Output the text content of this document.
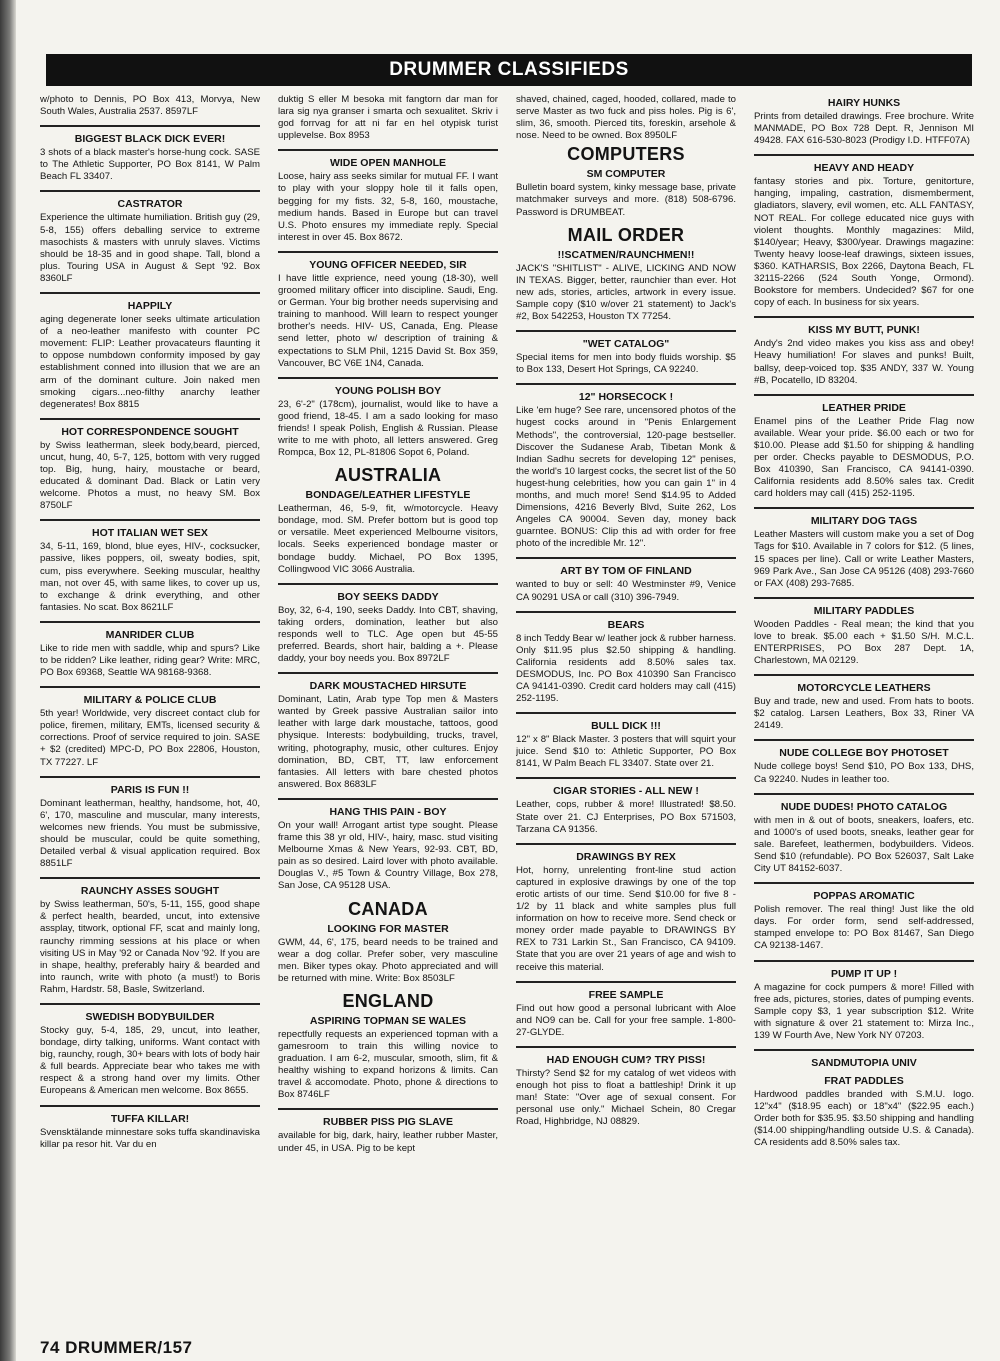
DRUMMER CLASSIFIEDS
w/photo to Dennis, PO Box 413, Morvya, New South Wales, Australia 2537. 8597LF
BIGGEST BLACK DICK EVER!
3 shots of a black master's horse-hung cock. SASE to The Athletic Supporter, PO Box 8141, W Palm Beach FL 33407.
CASTRATOR
Experience the ultimate humiliation. British guy (29, 5-8, 155) offers deballing service to extreme masochists & masters with unruly slaves. Victims should be 18-35 and in good shape. Tall, blond a plus. Touring USA in August & Sept '92. Box 8360LF
HAPPILY
aging degenerate loner seeks ultimate articulation of a neo-leather manifesto with counter PC movement: FLIP: Leather provacateurs flaunting it to oppose numbdown conformity imposed by gay establishment conned into illusion that we are an arm of the dominant culture. Join naked men smoking cigars...neo-filthy anarchy leather degenerates! Box 8815
HOT CORRESPONDENCE SOUGHT
by Swiss leatherman, sleek body,beard, pierced, uncut, hung, 40, 5-7, 125, bottom with very rugged top. Big, hung, hairy, moustache or beard, educated & dominant Dad. Black or Latin very welcome. Photos a must, no heavy SM. Box 8750LF
HOT ITALIAN WET SEX
34, 5-11, 169, blond, blue eyes, HIV-, cocksucker, passive, likes poppers, oil, sweaty bodies, spit, cum, piss everywhere. Seeking muscular, healthy man, not over 45, with same likes, to cover up us, to exchange & drink everything, and other fantasies. No scat. Box 8621LF
MANRIDER CLUB
Like to ride men with saddle, whip and spurs? Like to be ridden? Like leather, riding gear? Write: MRC, PO Box 69368, Seattle WA 98168-9368.
MILITARY & POLICE CLUB
5th year! Worldwide, very discreet contact club for police, firemen, military, EMTs, licensed security & corrections. Proof of service required to join. SASE + $2 (credited) MPC-D, PO Box 22806, Houston, TX 77227. LF
PARIS IS FUN !!
Dominant leatherman, healthy, handsome, hot, 40, 6', 170, masculine and muscular, many interests, welcomes new friends. You must be submissive, should be muscular, could be quite something, Detailed verbal & visual application required. Box 8851LF
RAUNCHY ASSES SOUGHT
by Swiss leatherman, 50's, 5-11, 155, good shape & perfect health, bearded, uncut, into extensive assplay, titwork, optional FF, scat and mainly long, raunchy rimming sessions at his place or when visiting US in May '92 or Canada Nov '92. If you are in shape, healthy, preferably hairy & bearded and into raunch, write with photo (a must!) to Boris Rahm, Hardstr. 58, Basle, Switzerland.
SWEDISH BODYBUILDER
Stocky guy, 5-4, 185, 29, uncut, into leather, bondage, dirty talking, uniforms. Want contact with big, raunchy, rough, 30+ bears with lots of body hair & full beards. Appreciate bear who takes me with respect & a strong hand over my limits. Other Europeans & American men welcome. Box 8655.
TUFFA KILLAR!
Svensktälande minnestare soks tuffa skandinaviska killar pa resor hit. Var du en
duktig S eller M besoka mit fangtorn dar man for lara sig nya granser i smarta och sexualitet. Skriv i god forrvag for att ni far en hel otypisk turist upplevelse. Box 8953
WIDE OPEN MANHOLE
Loose, hairy ass seeks similar for mutual FF. I want to play with your sloppy hole til it falls open, begging for my fists. 32, 5-8, 160, moustache, medium hands. Based in Europe but can travel U.S. Photo ensures my immediate reply. Special interest in over 45. Box 8672.
YOUNG OFFICER NEEDED, SIR
I have little exprience, need young (18-30), well groomed military officer into discipline. Saudi, Eng. or German. Your big brother needs supervising and training to manhood. Will learn to respect younger brother's needs. HIV- US, Canada, Eng. Please send letter, photo w/ description of training & expectations to SLM Phil, 1215 David St. Box 359, Vancouver, BC V6E 1N4, Canada.
YOUNG POLISH BOY
23, 6'-2" (178cm), journalist, would like to have a good friend, 18-45. I am a sado looking for maso friends! I speak Polish, English & Russian. Please write to me with photo, all letters answered. Greg Rompca, Box 12, PL-81806 Sopot 6, Poland.
AUSTRALIA
BONDAGE/LEATHER LIFESTYLE
Leatherman, 46, 5-9, fit, w/motorcycle. Heavy bondage, mod. SM. Prefer bottom but is good top or versatile. Meet experienced Melbourne visitors, locals. Seeks experienced bondage master or bondage buddy. Michael, PO Box 1395, Collingwood VIC 3066 Australia.
BOY SEEKS DADDY
Boy, 32, 6-4, 190, seeks Daddy. Into CBT, shaving, taking orders, domination, leather but also responds well to TLC. Age open but 45-55 preferred. Beards, short hair, balding a +. Please daddy, your boy needs you. Box 8972LF
DARK MOUSTACHED HIRSUTE
Dominant, Latin, Arab type Top men & Masters wanted by Greek passive Australian sailor into leather with large dark moustache, tattoos, good physique. Interests: bodybuilding, trucks, travel, writing, photography, music, other cultures. Enjoy domination, BD, CBT, TT, law enforcement fantasies. All letters with bare chested photos answered. Box 8683LF
HANG THIS PAIN - BOY
On your wall! Arrogant artist type sought. Please frame this 38 yr old, HIV-, hairy, masc. stud visiting Melbourne Xmas & New Years, 92-93. CBT, BD, pain as so desired. Laird lover with photo available. Douglas V., #5 Town & Country Village, Box 278, San Jose, CA 95128 USA.
CANADA
LOOKING FOR MASTER
GWM, 44, 6', 175, beard needs to be trained and wear a dog collar. Prefer sober, very masculine men. Biker types okay. Photo appreciated and will be returned with mine. Write: Box 8503LF
ENGLAND
ASPIRING TOPMAN SE WALES
repectfully requests an experienced topman with a gamesroom to train this willing novice to graduation. I am 6-2, muscular, smooth, slim, fit & healthy wishing to expand horizons & limits. Can travel & accomodate. Photo, phone & directions to Box 8746LF
RUBBER PISS PIG SLAVE
available for big, dark, hairy, leather rubber Master, under 45, in USA. Pig to be kept
shaved, chained, caged, hooded, collared, made to serve Master as two fuck and piss holes. Pig is 6', slim, 36, smooth. Pierced tits, foreskin, arsehole & nose. Need to be owned. Box 8950LF
COMPUTERS
SM COMPUTER
Bulletin board system, kinky message base, private matchmaker surveys and more. (818) 508-6796. Password is DRUMBEAT.
MAIL ORDER
!!SCATMEN/RAUNCHMEN!!
JACK'S "SHITLIST" - ALIVE, LICKING AND NOW IN TEXAS. Bigger, better, raunchier than ever. Hot new ads, stories, articles, artwork in every issue. Sample copy ($10 w/over 21 statement) to Jack's #2, Box 542253, Houston TX 77254.
"WET CATALOG"
Special items for men into body fluids worship. $5 to Box 133, Desert Hot Springs, CA 92240.
12" HORSECOCK !
Like 'em huge? See rare, uncensored photos of the hugest cocks around in "Penis Enlargement Methods", the controversial, 120-page bestseller. Discover the Sudanese Arab, Tibetan Monk & Indian Sadhu secrets for developing 12" penises, the world's 10 largest cocks, the secret list of the 50 hugest-hung celebrities, how you can gain 1" in 4 months, and much more! Send $14.95 to Added Dimensions, 4216 Beverly Blvd, Suite 262, Los Angeles CA 90004. Seven day, money back guarntee. BONUS: Clip this ad with order for free photo of the incredible Mr. 12".
ART BY TOM OF FINLAND
wanted to buy or sell: 40 Westminster #9, Venice CA 90291 USA or call (310) 396-7949.
BEARS
8 inch Teddy Bear w/ leather jock & rubber harness. Only $11.95 plus $2.50 shipping & handling. California residents add 8.50% sales tax. DESMODUS, Inc. PO Box 410390 San Francisco CA 94141-0390. Credit card holders may call (415) 252-1195.
BULL DICK !!!
12" x 8" Black Master. 3 posters that will squirt your juice. Send $10 to: Athletic Supporter, PO Box 8141, W Palm Beach FL 33407. State over 21.
CIGAR STORIES - ALL NEW !
Leather, cops, rubber & more! Illustrated! $8.50. State over 21. CJ Enterprises, PO Box 571503, Tarzana CA 91356.
DRAWINGS BY REX
Hot, horny, unrelenting front-line stud action captured in explosive drawings by one of the top erotic artists of our time. Send $10.00 for five 8 - 1/2 by 11 black and white samples plus full information on how to receive more. Send check or money order made payable to DRAWINGS BY REX to 731 Larkin St., San Francisco, CA 94109. State that you are over 21 years of age and wish to receive this material.
FREE SAMPLE
Find out how good a personal lubricant with Aloe and NO9 can be. Call for your free sample. 1-800-27-GLYDE.
HAD ENOUGH CUM? TRY PISS!
Thirsty? Send $2 for my catalog of wet videos with enough hot piss to float a battleship! Drink it up man! State: "Over age of sexual consent. For personal use only." Michael Schein, 80 Cregar Road, Highbridge, NJ 08829.
HAIRY HUNKS
Prints from detailed drawings. Free brochure. Write MANMADE, PO Box 728 Dept. R, Jennison MI 49428. FAX 616-530-8023 (Prodigy I.D. HTFF07A)
HEAVY AND HEADY
fantasy stories and pix. Torture, genitorture, hanging, impaling, castration, dismemberment, gladiators, slavery, evil women, etc. ALL FANTASY, NOT REAL. For college educated nice guys with violent thoughts. Monthly magazines: Mild, $140/year; Heavy, $300/year. Drawings magazine: Twenty heavy loose-leaf drawings, sixteen issues, $360. KATHARSIS, Box 2266, Daytona Beach, FL 32115-2266 (524 South Yonge, Ormond). Bookstore for members. Undecided? $67 for one copy of each. In business for six years.
KISS MY BUTT, PUNK!
Andy's 2nd video makes you kiss ass and obey! Heavy humiliation! For slaves and punks! Built, ballsy, deep-voiced top. $35 ANDY, 337 W. Young #B, Pocatello, ID 83204.
LEATHER PRIDE
Enamel pins of the Leather Pride Flag now available. Wear your pride. $6.00 each or two for $10.00. Please add $1.50 for shipping & handling per order. Checks payable to DESMODUS, P.O. Box 410390, San Francisco, CA 94141-0390. California residents add 8.50% sales tax. Credit card holders may call (415) 252-1195.
MILITARY DOG TAGS
Leather Masters will custom make you a set of Dog Tags for $10. Available in 7 colors for $12. (5 lines, 15 spaces per line). Call or write Leather Masters, 969 Park Ave., San Jose CA 95126 (408) 293-7660 or FAX (408) 293-7685.
MILITARY PADDLES
Wooden Paddles - Real mean; the kind that you love to break. $5.00 each + $1.50 S/H. M.C.L. ENTERPRISES, PO Box 287 Dept. 1A, Charlestown, MA 02129.
MOTORCYCLE LEATHERS
Buy and trade, new and used. From hats to boots. $2 catalog. Larsen Leathers, Box 33, Riner VA 24149.
NUDE COLLEGE BOY PHOTOSET
Nude college boys! Send $10, PO Box 133, DHS, Ca 92240. Nudes in leather too.
NUDE DUDES! PHOTO CATALOG
with men in & out of boots, sneakers, loafers, etc. and 1000's of used boots, sneaks, leather gear for sale. Barefeet, leathermen, bodybuilders. Videos. Send $10 (refundable). PO Box 526037, Salt Lake City UT 84152-6037.
POPPAS AROMATIC
Polish remover. The real thing! Just like the old days. For order form, send self-addressed, stamped envelope to: PO Box 81467, San Diego CA 92138-1467.
PUMP IT UP !
A magazine for cock pumpers & more! Filled with free ads, pictures, stories, dates of pumping events. Sample copy $3, 1 year subscription $12. Write with signature & over 21 statement to: Mirza Inc., 139 W Fourth Ave, New York NY 07203.
SANDMUTOPIA UNIV
FRAT PADDLES
Hardwood paddles branded with S.M.U. logo. 12"x4" ($18.95 each) or 18"x4" ($22.95 each.) Order both for $35.95. $3.50 shipping and handling ($14.00 shipping/handling outside U.S. & Canada). CA residents add 8.50% sales tax.
74 DRUMMER/157
